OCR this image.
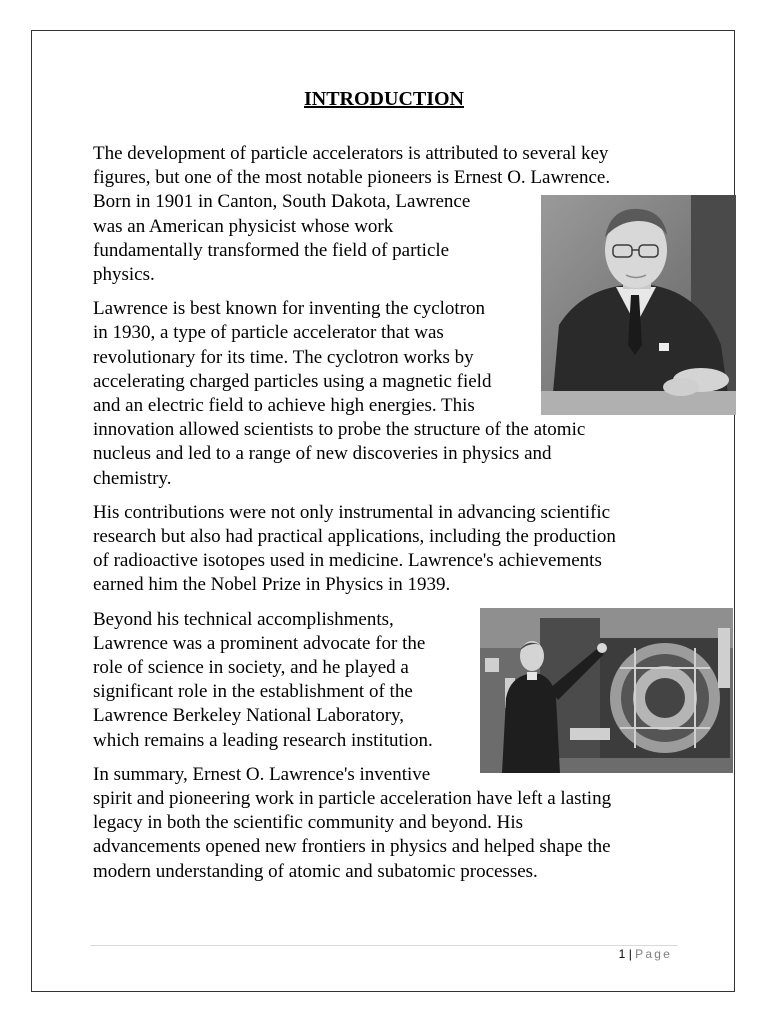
INTRODUCTION

The development of particle accelerators is attributed to several key
figures, but one of the most notable pioneers is Ernest O. Lawrence.
Born in 1901 in Canton, South Dakota, Lawrence
was an American physicist whose work
fundamentally transformed the field of particle
physics.

Lawrence is best known for inventing the cyclotron
in 1930, a type of particle accelerator that was
revolutionary for its time. The cyclotron works by
accelerating charged particles using a magnetic field
and an electric field to achieve high energies. This
innovation allowed scientists to probe the structure of the atomic
nucleus and led to a range of new discoveries in physics and
chemistry.

His contributions were not only instrumental in advancing scientific
research but also had practical applications, including the production
of radioactive isotopes used in medicine. Lawrence's achievements
earned him the Nobel Prize in Physics in 1939.

Beyond his technical accomplishments,
Lawrence was a prominent advocate for the
role of science in society, and he played a
significant role in the establishment of the
Lawrence Berkeley National Laboratory,
which remains a leading research institution.

In summary, Ernest O. Lawrence's inventive
spirit and pioneering work in particle acceleration have left a lasting
legacy in both the scientific community and beyond. His
advancements opened new frontiers in physics and helped shape the
modern understanding of atomic and subatomic processes.

1 | Page
